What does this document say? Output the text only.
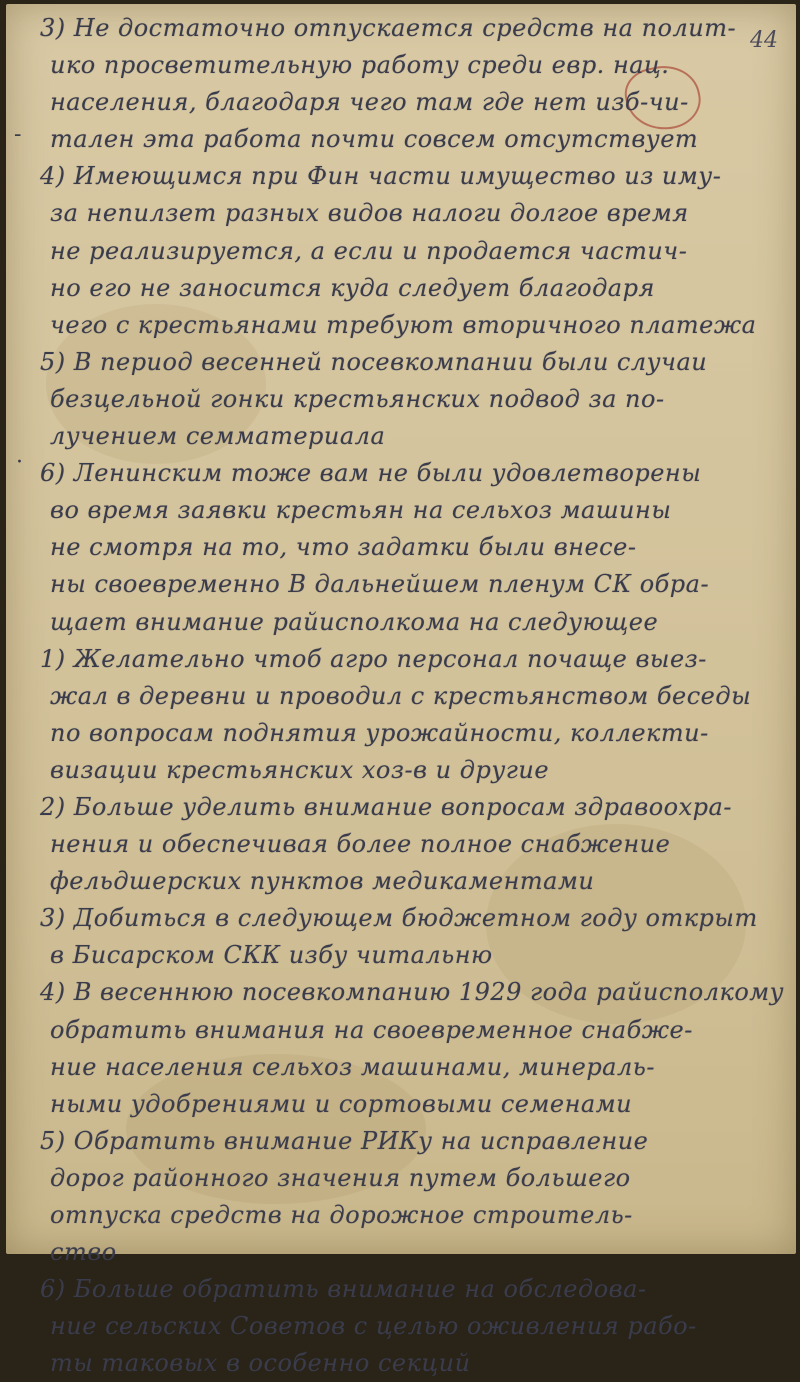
44
-
·
3) Не достаточно отпускается средств на полит-
ико просветительную работу среди евр. нац.
населения, благодаря чего там где нет изб-чи-
тален эта работа почти совсем отсутствует
4) Имеющимся при Фин части имущество из иму-
за непилзет разных видов налоги долгое время
не реализируется, а если и продается частич-
но его не заносится куда следует благодаря
чего с крестьянами требуют вторичного платежа
5) В период весенней посевкомпании были случаи
безцельной гонки крестьянских подвод за по-
лучением семматериала
6) Ленинским тоже вам не были удовлетворены
во время заявки крестьян на сельхоз машины
не смотря на то, что задатки были внесе-
ны своевременно В дальнейшем пленум СК обра-
щает внимание райисполкома на следующее
1) Желательно чтоб агро персонал почаще выез-
жал в деревни и проводил с крестьянством беседы
по вопросам поднятия урожайности, коллекти-
визации крестьянских хоз-в и другие
2) Больше уделить внимание вопросам здравоохра-
нения и обеспечивая более полное снабжение
фельдшерских пунктов медикаментами
3) Добиться в следующем бюджетном году открыт
в Бисарском СКК избу читальню
4) В весеннюю посевкомпанию 1929 года райисполкому
обратить внимания на своевременное снабже-
ние населения сельхоз машинами, минераль-
ными удобрениями и сортовыми семенами
5) Обратить внимание РИКу на исправление
дорог районного значения путем большего
отпуска средств на дорожное строитель-
ство
6) Больше обратить внимание на обследова-
ние сельских Советов с целью оживления рабо-
ты таковых в особенно секций
